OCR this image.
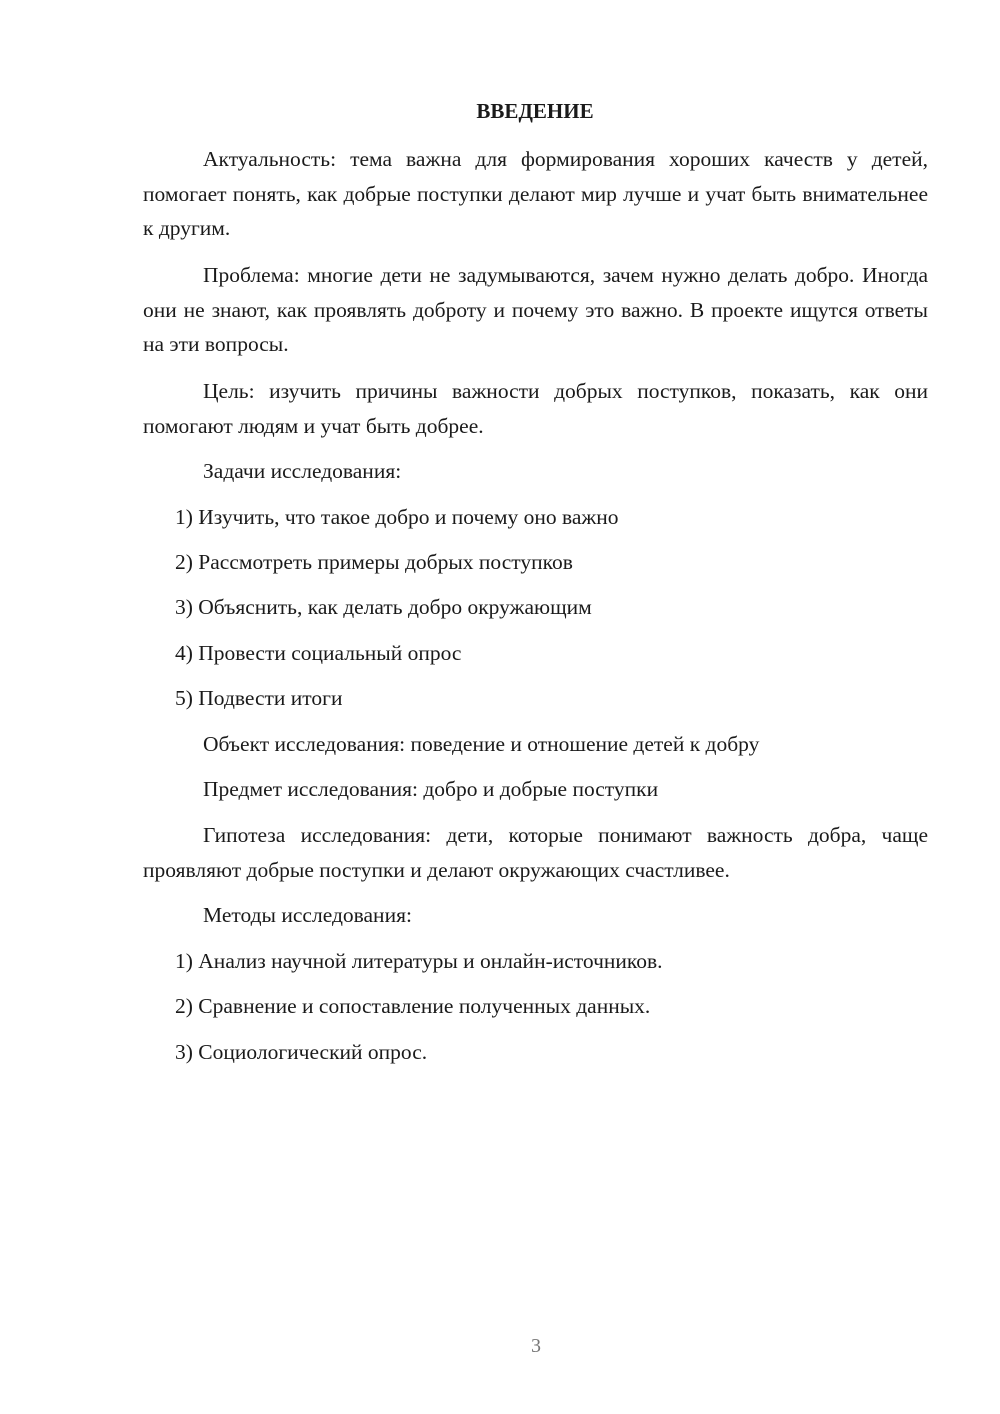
ВВЕДЕНИЕ

Актуальность: тема важна для формирования хороших качеств у детей, помогает понять, как добрые поступки делают мир лучше и учат быть внимательнее к другим.

Проблема: многие дети не задумываются, зачем нужно делать добро. Иногда они не знают, как проявлять доброту и почему это важно. В проекте ищутся ответы на эти вопросы.

Цель: изучить причины важности добрых поступков, показать, как они помогают людям и учат быть добрее.

Задачи исследования:
1) Изучить, что такое добро и почему оно важно
2) Рассмотреть примеры добрых поступков
3) Объяснить, как делать добро окружающим
4) Провести социальный опрос
5) Подвести итоги
Объект исследования: поведение и отношение детей к добру
Предмет исследования: добро и добрые поступки

Гипотеза исследования: дети, которые понимают важность добра, чаще проявляют добрые поступки и делают окружающих счастливее.

Методы исследования:
1) Анализ научной литературы и онлайн-источников.
2) Сравнение и сопоставление полученных данных.
3) Социологический опрос.
3
